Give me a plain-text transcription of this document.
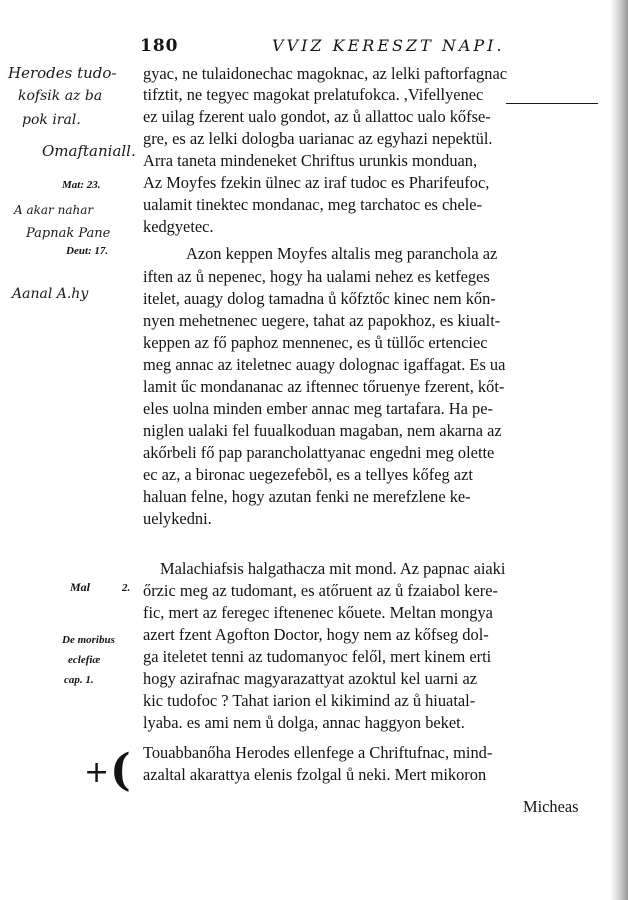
180	VVIZ KERESZT NAPI.
gyac, ne tulaidonechac magoknac, az lelki paftorfagnac
tifztit, ne tegyec magokat prelatufokca. ,Vifellyenec
ez uilag fzerent ualo gondot, az ů allattoc ualo kőfse-
gre, es az lelki dologba uarianac az egyhazi nepektül.
Arra taneta mindeneket Chriftus urunkis monduan,
Az Moyfes fzekin ülnec az iraf tudoc es Pharifeufoc,
ualamit tinektec mondanac, meg tarchatoc es chele-
kedgyetec.
Azon keppen Moyfes altalis meg paranchola az
iften az ů nepenec, hogy ha ualami nehez es ketfeges
itelet, auagy dolog tamadna ů kőfztőc kinec nem kőn-
nyen mehetnenec uegere, tahat az papokhoz, es kiualt-
keppen az fő paphoz mennenec, es ů tüllőc ertenciec
meg annac az iteletnec auagy dolognac igaffagat. Es ua
lamit űc mondananac az iftennec tőruenye fzerent, kőt-
eles uolna minden ember annac meg tartafara. Ha pe-
niglen ualaki fel fuualkoduan magaban, nem akarna az
akőrbeli fő pap parancholattyanac engedni meg olette
ec az, a bironac uegezefebõl, es a tellyes kőfeg azt
haluan felne, hogy azutan fenki ne merefzlene ke-
uelykedni.
Malachiafsis halgathacza mit mond. Az papnac aiaki
őrzic meg az tudomant, es atőruent az ů fzaiabol kere-
fic, mert az feregec iftenenec kőuete. Meltan mongya
azert fzent Agofton Doctor, hogy nem az kőfseg dol-
ga iteletet tenni az tudomanyoc felől, mert kinem erti
hogy azirafnac magyarazattyat azoktul kel uarni az
kic tudofoc ? Tahat iarion el kikimind az ů hiuatal-
lyaba. es ami nem ů dolga, annac haggyon beket.
Touabbanőha Herodes ellenfege a Chriftufnac, mind-
azaltal akarattya elenis fzolgal ů neki. Mert mikoron
Micheas
Mat: 23.
Deut: 17.
Mal	2.
De moribus
eclefiæ
cap. 1.
Herodes tudo-
kofsik az ba
pok iral.
Omaftaniall.
A akar nahar
Papnak Pane
Aanal A.hy
+ (
